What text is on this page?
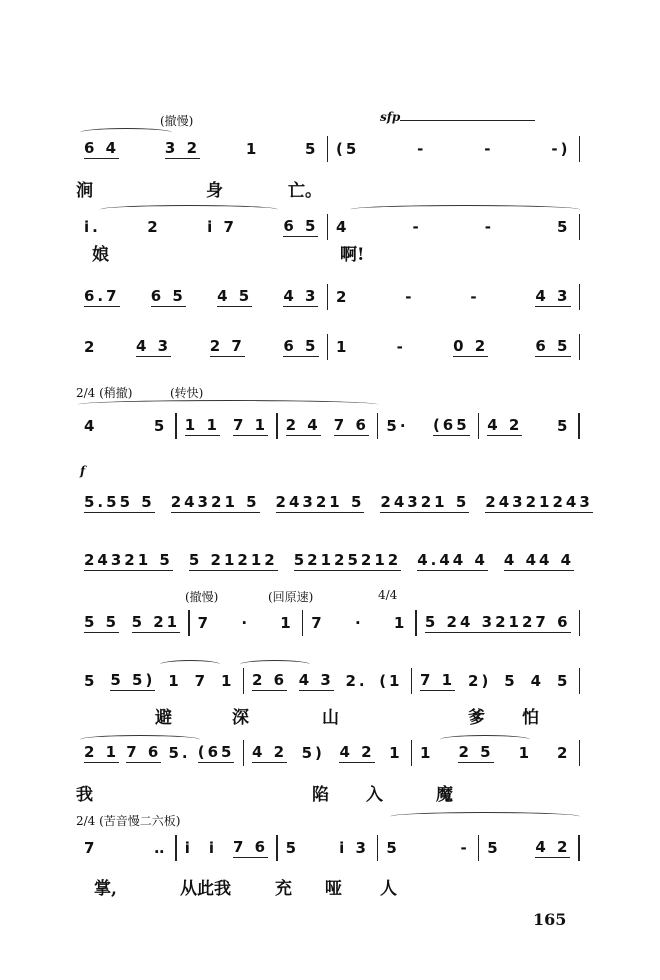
6 4	3 2	1	5 (5	-	-	-)
i.	2	i 7	6 5 4	-	-	5
6.7 6 5 4 5 4 3 2	-	-	4 3
2	4 3	2 7	6 5 1	-	0 2	6 5
4	5 1 1 7 1 2 4 7 6 5· (65 4 2 5
5.5 5 5 2432 1 5 2432 1 5 2432 1 5 2432 1243
2432 1 5 5 2 1212 5212 5212 4.4 4 4 4 4 4 4
5 5 5 21 7 · 1 7 · 1 5 2 4 3 212 7 6
5 5 5) 1 7 1 2 6 4 3 2. (1 7 1 2) 5 4 5
2 1 7 6 5. (65 4 2 5) 4 2 1 1 2 5 1 2
7	‥ i i 7 6 5	i 3 5	- 5 4 2
(撤慢)	sfp
2/4 (稍撤)	(转快)
f
(撤慢)	(回原速)	4/4
2/4 (苦音慢二六板)
涧	身	亡。
娘	啊!
避	深	山	爹 怕
我	陷 入	魔
掌,	从此我	充 哑 人
165
